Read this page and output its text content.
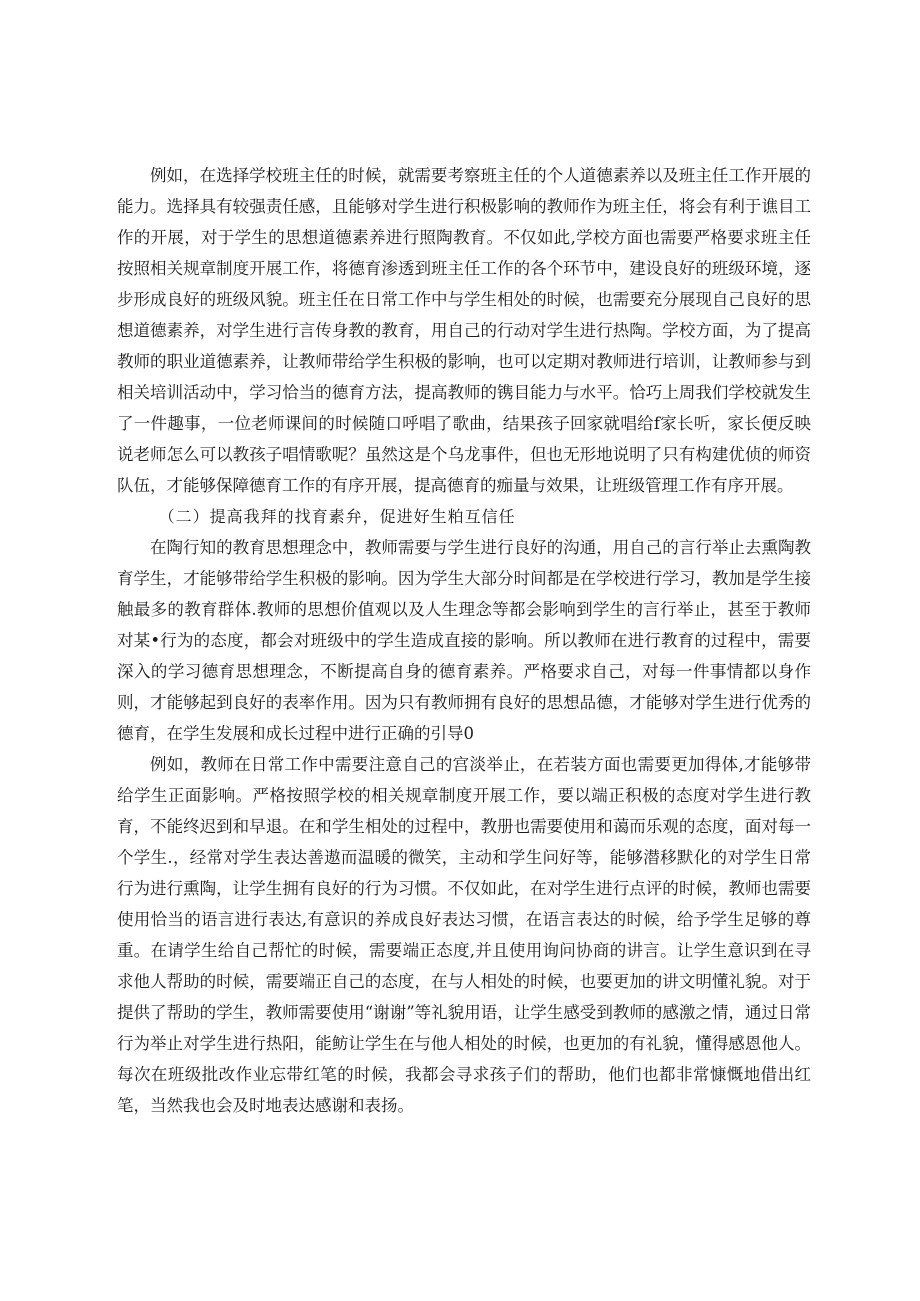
例如，在选择学校班主任的时候，就需要考察班主任的个人道德素养以及班主任工作开展的能力。选择具有较强责任感，且能够对学生进行积极影响的教师作为班主任，将会有利于谯目工作的开展，对于学生的思想道德素养进行照陶教育。不仅如此,学校方面也需要严格要求班主任按照相关规章制度开展工作，将德育渗透到班主任工作的各个环节中，建设良好的班级环境，逐步形成良好的班级风貌。班主任在日常工作中与学生相处的时候，也需要充分展现自己良好的思想道德素养，对学生进行言传身教的教育，用自己的行动对学生进行热陶。学校方面，为了提高教师的职业道德素养，让教师带给学生积极的影响，也可以定期对教师进行培训，让教师参与到相关培训活动中，学习恰当的德育方法，提高教师的镌目能力与水平。恰巧上周我们学校就发生了一件趣事，一位老师课间的时候随口呼唱了歌曲，结果孩子回家就唱给f家长听，家长便反映说老师怎么可以教孩子唱情歌呢？虽然这是个乌龙事件，但也无形地说明了只有构建优侦的师资队伍，才能够保障德育工作的有序开展，提高德育的痂量与效果，让班级管理工作有序开展。

（二）提高我拜的找育素弁，促进好生粕互信任

在陶行知的教育思想理念中，教师需要与学生进行良好的沟通，用自己的言行举止去熏陶教育学生，才能够带给学生积极的影响。因为学生大部分时间都是在学校进行学习，教加是学生接触最多的教育群体.教师的思想价值观以及人生理念等都会影响到学生的言行举止，甚至于教师对某•行为的态度，都会对班级中的学生造成直接的影响。所以教师在进行教育的过程中，需要深入的学习德育思想理念，不断提高自身的德育素养。严格要求自己，对每一件事情都以身作则，才能够起到良好的表率作用。因为只有教师拥有良好的思想品德，才能够对学生进行优秀的德育，在学生发展和成长过程中进行正确的引导0

例如，教师在日常工作中需要注意自己的宫淡举止，在若装方面也需要更加得体,才能够带给学生正面影响。严格按照学校的相关规章制度开展工作，要以端正积极的态度对学生进行教育，不能终迟到和早退。在和学生相处的过程中，教册也需要使用和蔼而乐观的态度，面对每一个学生.，经常对学生表达善遨而温暖的微笑，主动和学生问好等，能够潜移默化的对学生日常行为进行熏陶，让学生拥有良好的行为习惯。不仅如此，在对学生进行点评的时候，教师也需要使用恰当的语言进行表达,有意识的养成良好表达习惯，在语言表达的时候，给予学生足够的尊重。在请学生给自己帮忙的时候，需要端正态度,并且使用询问协商的讲言。让学生意识到在寻求他人帮助的时候，需要端正自己的态度，在与人相处的时候，也要更加的讲文明懂礼貌。对于提供了帮助的学生，教师需要使用“谢谢”等礼貌用语，让学生感受到教师的感激之情，通过日常行为举止对学生进行热阳，能鲂让学生在与他人相处的时候，也更加的有礼貌，懂得感恩他人。每次在班级批改作业忘带红笔的时候，我都会寻求孩子们的帮助，他们也都非常慷慨地借出红笔，当然我也会及时地表达感谢和表扬。
